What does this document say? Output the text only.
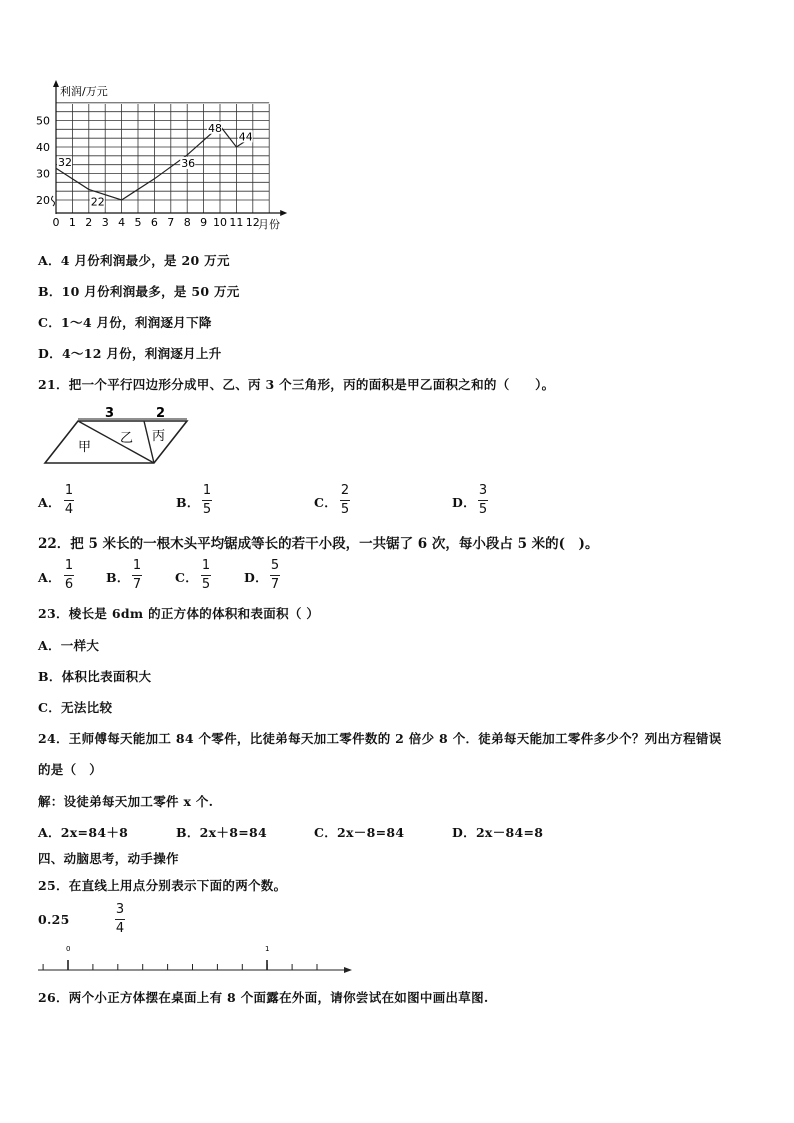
0 1 2 3 4 5 6 7 8 9 10 11 12
20
30
40
50
32
22
36
48
44
利润/万元
月份
A．4 月份利润最少，是 20 万元
B．10 月份利润最多，是 50 万元
C．1～4 月份，利润逐月下降
D．4～12 月份，利润逐月上升
21．把一个平行四边形分成甲、乙、丙 3 个三角形，丙的面积是甲乙面积之和的（　　）。
3	2
甲
乙 丙
A．
1
4	B．
1
5	C．
2
5	D．
3
5
22．把 5 米长的一根木头平均锯成等长的若干小段，一共锯了 6 次，每小段占 5 米的(　)。
A．
1
6	B．
1
7	C．
1
5	D．
5
7
23．棱长是 6dm 的正方体的体积和表面积（ ）
A．一样大
B．体积比表面积大
C．无法比较
24．王师傅每天能加工 84 个零件，比徒弟每天加工零件数的 2 倍少 8 个．徒弟每天能加工零件多少个？列出方程错误
的是（　）
解：设徒弟每天加工零件 x 个.
A．2x=84＋8	B．2x＋8=84	C．2x－8=84	D．2x－84=8
四、动脑思考，动手操作
25．在直线上用点分别表示下面的两个数。
0.25
3
4
0	1
26．两个小正方体摆在桌面上有 8 个面露在外面，请你尝试在如图中画出草图.
